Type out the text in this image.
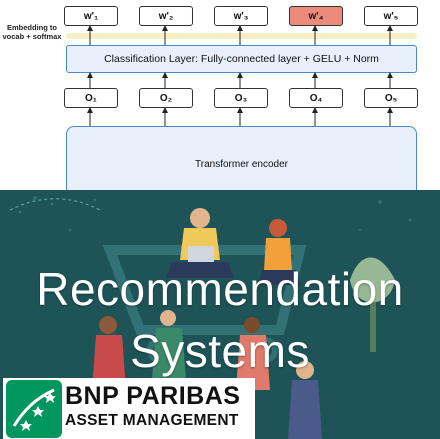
w'₁	w'₂	w'₃	w'₄	w'₅
Embedding to vocab + softmax
Classification Layer: Fully-connected layer + GELU + Norm
O₁	O₂	O₃	O₄	O₅
Transformer encoder
Recommendation
Systems
BNP PARIBAS
ASSET MANAGEMENT
